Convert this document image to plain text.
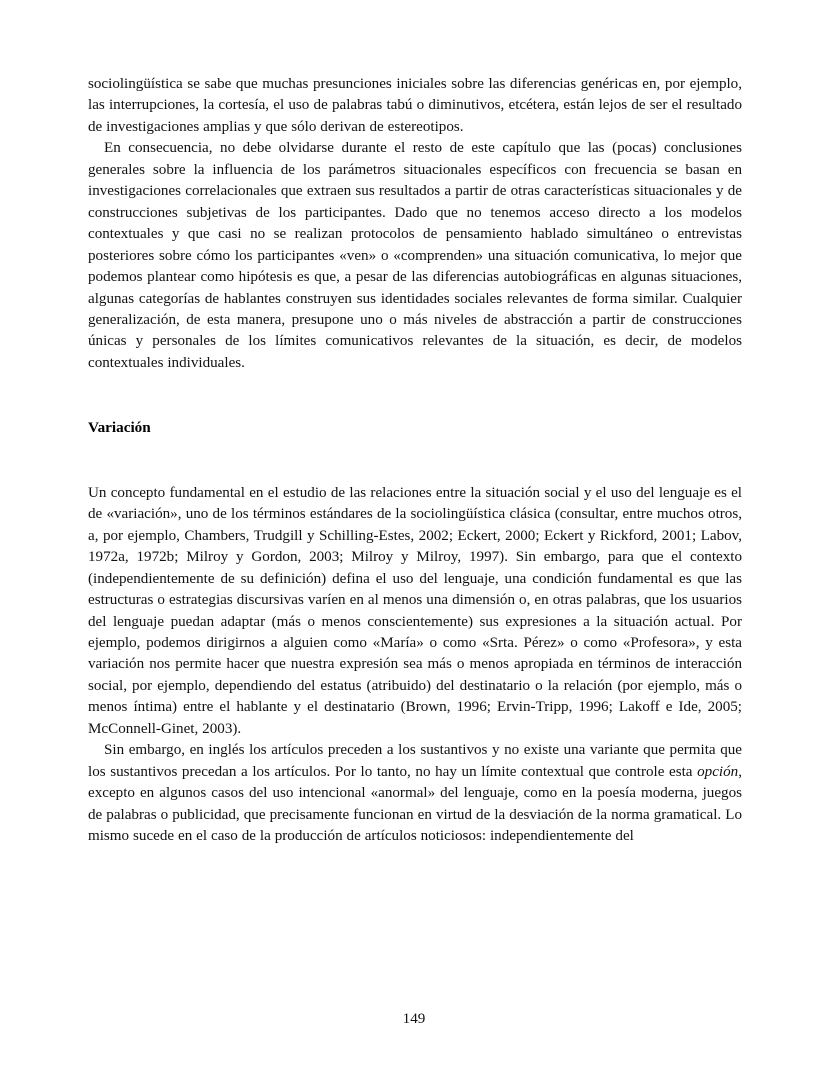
sociolingüística se sabe que muchas presunciones iniciales sobre las diferencias genéricas en, por ejemplo, las interrupciones, la cortesía, el uso de palabras tabú o diminutivos, etcétera, están lejos de ser el resultado de investigaciones amplias y que sólo derivan de estereotipos.

En consecuencia, no debe olvidarse durante el resto de este capítulo que las (pocas) conclusiones generales sobre la influencia de los parámetros situacionales específicos con frecuencia se basan en investigaciones correlacionales que extraen sus resultados a partir de otras características situacionales y de construcciones subjetivas de los participantes. Dado que no tenemos acceso directo a los modelos contextuales y que casi no se realizan protocolos de pensamiento hablado simultáneo o entrevistas posteriores sobre cómo los participantes «ven» o «comprenden» una situación comunicativa, lo mejor que podemos plantear como hipótesis es que, a pesar de las diferencias autobiográficas en algunas situaciones, algunas categorías de hablantes construyen sus identidades sociales relevantes de forma similar. Cualquier generalización, de esta manera, presupone uno o más niveles de abstracción a partir de construcciones únicas y personales de los límites comunicativos relevantes de la situación, es decir, de modelos contextuales individuales.

Variación

Un concepto fundamental en el estudio de las relaciones entre la situación social y el uso del lenguaje es el de «variación», uno de los términos estándares de la sociolingüística clásica (consultar, entre muchos otros, a, por ejemplo, Chambers, Trudgill y Schilling-Estes, 2002; Eckert, 2000; Eckert y Rickford, 2001; Labov, 1972a, 1972b; Milroy y Gordon, 2003; Milroy y Milroy, 1997). Sin embargo, para que el contexto (independientemente de su definición) defina el uso del lenguaje, una condición fundamental es que las estructuras o estrategias discursivas varíen en al menos una dimensión o, en otras palabras, que los usuarios del lenguaje puedan adaptar (más o menos conscientemente) sus expresiones a la situación actual. Por ejemplo, podemos dirigirnos a alguien como «María» o como «Srta. Pérez» o como «Profesora», y esta variación nos permite hacer que nuestra expresión sea más o menos apropiada en términos de interacción social, por ejemplo, dependiendo del estatus (atribuido) del destinatario o la relación (por ejemplo, más o menos íntima) entre el hablante y el destinatario (Brown, 1996; Ervin-Tripp, 1996; Lakoff e Ide, 2005; McConnell-Ginet, 2003).

Sin embargo, en inglés los artículos preceden a los sustantivos y no existe una variante que permita que los sustantivos precedan a los artículos. Por lo tanto, no hay un límite contextual que controle esta opción, excepto en algunos casos del uso intencional «anormal» del lenguaje, como en la poesía moderna, juegos de palabras o publicidad, que precisamente funcionan en virtud de la desviación de la norma gramatical. Lo mismo sucede en el caso de la producción de artículos noticiosos: independientemente del

149
